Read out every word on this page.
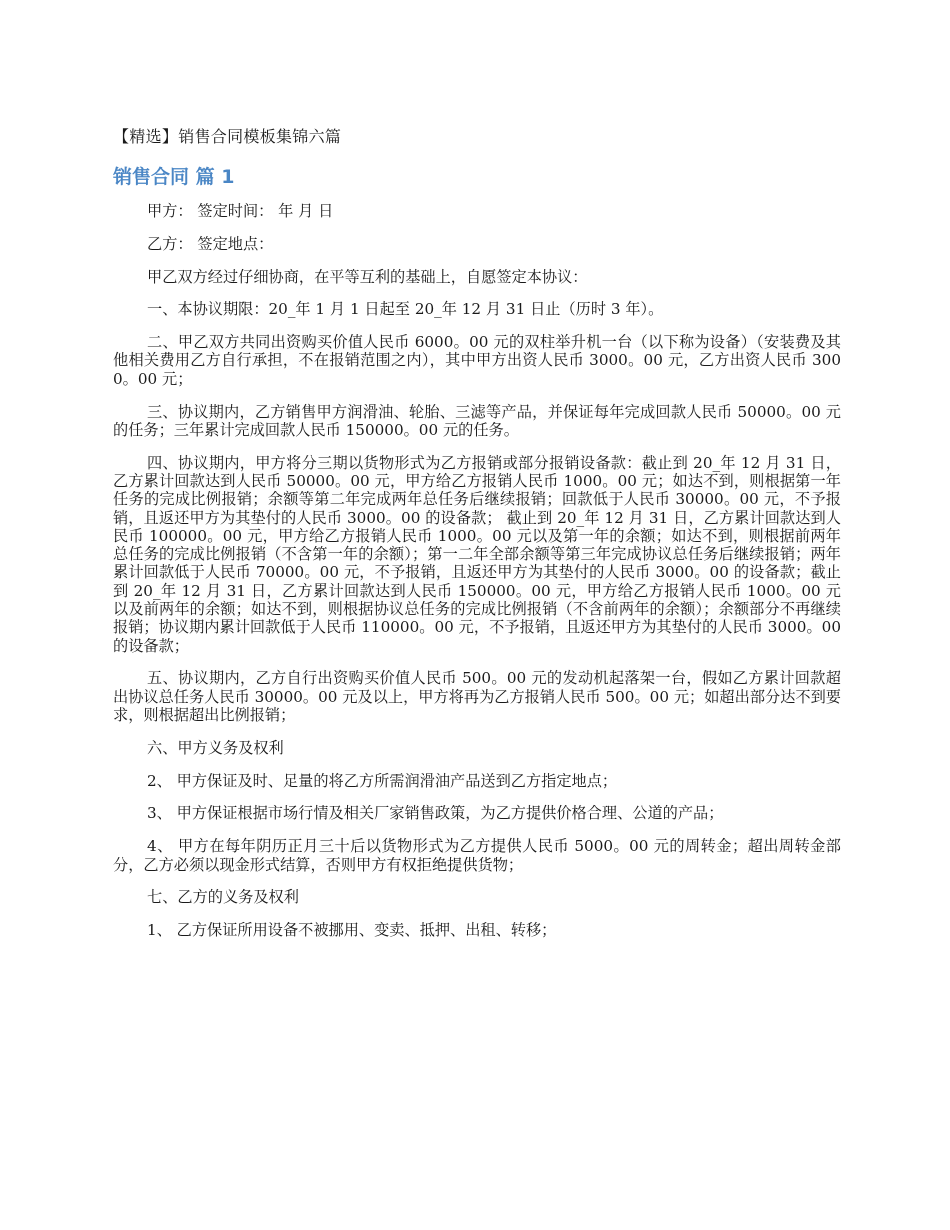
【精选】销售合同模板集锦六篇
销售合同 篇 1

甲方： 签定时间： 年 月 日

乙方： 签定地点：

甲乙双方经过仔细协商，在平等互利的基础上，自愿签定本协议：

一、本协议期限：20_年 1 月 1 日起至 20_年 12 月 31 日止（历时 3 年）。

二、甲乙双方共同出资购买价值人民币 6000。00 元的双柱举升机一台（以下称为设备）（安装费及其他相关费用乙方自行承担，不在报销范围之内），其中甲方出资人民币 3000。00 元，乙方出资人民币 3000。00 元；

三、协议期内，乙方销售甲方润滑油、轮胎、三滤等产品，并保证每年完成回款人民币 50000。00 元的任务；三年累计完成回款人民币 150000。00 元的任务。

四、协议期内，甲方将分三期以货物形式为乙方报销或部分报销设备款：截止到 20_年 12 月 31 日，乙方累计回款达到人民币 50000。00 元，甲方给乙方报销人民币 1000。00 元；如达不到，则根据第一年任务的完成比例报销；余额等第二年完成两年总任务后继续报销；回款低于人民币 30000。00 元，不予报销，且返还甲方为其垫付的人民币 3000。00 的设备款； 截止到 20_年 12 月 31 日，乙方累计回款达到人民币 100000。00 元，甲方给乙方报销人民币 1000。00 元以及第一年的余额；如达不到，则根据前两年总任务的完成比例报销（不含第一年的余额）；第一二年全部余额等第三年完成协议总任务后继续报销；两年累计回款低于人民币 70000。00 元，不予报销，且返还甲方为其垫付的人民币 3000。00 的设备款；截止到 20_年 12 月 31 日，乙方累计回款达到人民币 150000。00 元，甲方给乙方报销人民币 1000。00 元以及前两年的余额；如达不到，则根据协议总任务的完成比例报销（不含前两年的余额）；余额部分不再继续报销；协议期内累计回款低于人民币 110000。00 元，不予报销，且返还甲方为其垫付的人民币 3000。00 的设备款；

五、协议期内，乙方自行出资购买价值人民币 500。00 元的发动机起落架一台，假如乙方累计回款超出协议总任务人民币 30000。00 元及以上，甲方将再为乙方报销人民币 500。00 元；如超出部分达不到要求，则根据超出比例报销；

六、甲方义务及权利

2、 甲方保证及时、足量的将乙方所需润滑油产品送到乙方指定地点；

3、 甲方保证根据市场行情及相关厂家销售政策，为乙方提供价格合理、公道的产品；

4、 甲方在每年阴历正月三十后以货物形式为乙方提供人民币 5000。00 元的周转金；超出周转金部分，乙方必须以现金形式结算，否则甲方有权拒绝提供货物；

七、乙方的义务及权利

1、 乙方保证所用设备不被挪用、变卖、抵押、出租、转移；
